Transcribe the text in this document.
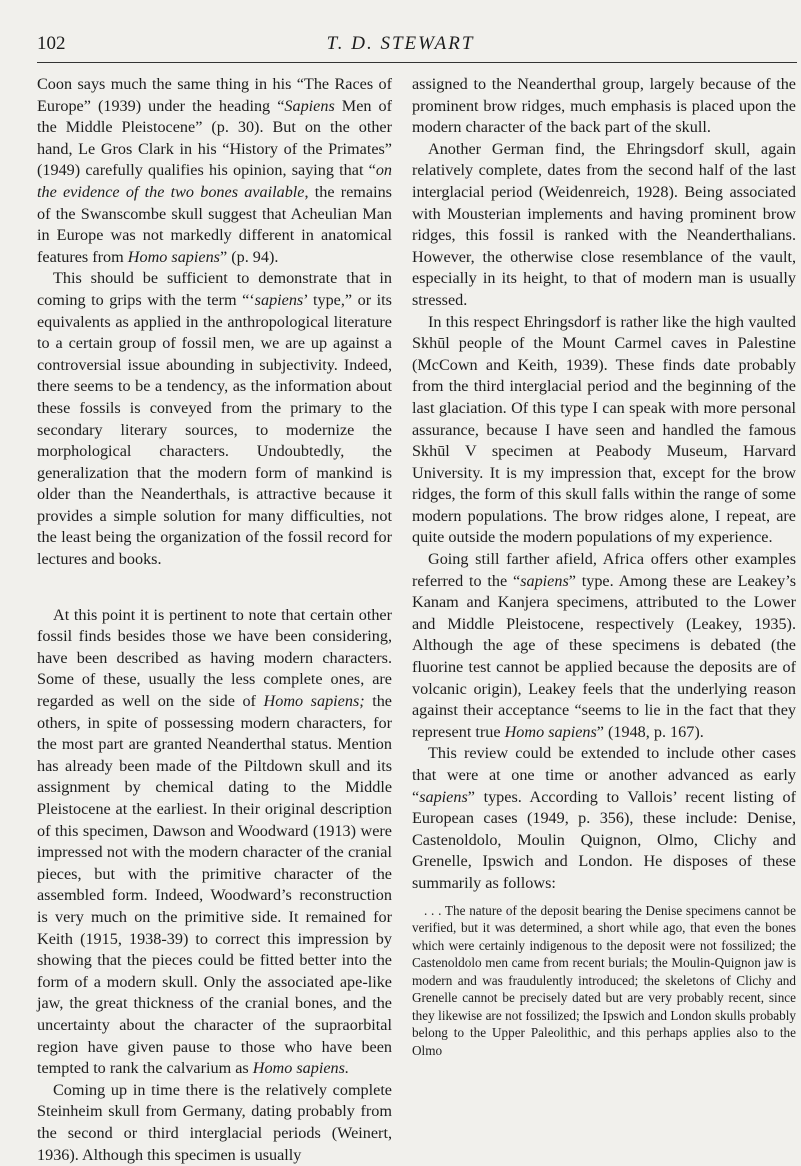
102	T. D. STEWART

Coon says much the same thing in his “The Races of Europe” (1939) under the heading “Sapiens Men of the Middle Pleistocene” (p. 30). But on the other hand, Le Gros Clark in his “History of the Primates” (1949) carefully qualifies his opinion, saying that “on the evidence of the two bones available, the remains of the Swanscombe skull suggest that Acheulian Man in Europe was not markedly different in anatomical features from Homo sapiens” (p. 94).

This should be sufficient to demonstrate that in coming to grips with the term “‘sapiens’ type,” or its equivalents as applied in the anthropological literature to a certain group of fossil men, we are up against a controversial issue abounding in subjectivity. Indeed, there seems to be a tendency, as the information about these fossils is conveyed from the primary to the secondary literary sources, to modernize the morphological characters. Undoubtedly, the generalization that the modern form of mankind is older than the Neanderthals, is attractive because it provides a simple solution for many difficulties, not the least being the organization of the fossil record for lectures and books.

At this point it is pertinent to note that certain other fossil finds besides those we have been considering, have been described as having modern characters. Some of these, usually the less complete ones, are regarded as well on the side of Homo sapiens; the others, in spite of possessing modern characters, for the most part are granted Neanderthal status. Mention has already been made of the Piltdown skull and its assignment by chemical dating to the Middle Pleistocene at the earliest. In their original description of this specimen, Dawson and Woodward (1913) were impressed not with the modern character of the cranial pieces, but with the primitive character of the assembled form. Indeed, Woodward’s reconstruction is very much on the primitive side. It remained for Keith (1915, 1938-39) to correct this impression by showing that the pieces could be fitted better into the form of a modern skull. Only the associated ape-like jaw, the great thickness of the cranial bones, and the uncertainty about the character of the supraorbital region have given pause to those who have been tempted to rank the calvarium as Homo sapiens.

Coming up in time there is the relatively complete Steinheim skull from Germany, dating probably from the second or third interglacial periods (Weinert, 1936). Although this specimen is usually

assigned to the Neanderthal group, largely because of the prominent brow ridges, much emphasis is placed upon the modern character of the back part of the skull.

Another German find, the Ehringsdorf skull, again relatively complete, dates from the second half of the last interglacial period (Weidenreich, 1928). Being associated with Mousterian implements and having prominent brow ridges, this fossil is ranked with the Neanderthalians. However, the otherwise close resemblance of the vault, especially in its height, to that of modern man is usually stressed.

In this respect Ehringsdorf is rather like the high vaulted Skhūl people of the Mount Carmel caves in Palestine (McCown and Keith, 1939). These finds date probably from the third interglacial period and the beginning of the last glaciation. Of this type I can speak with more personal assurance, because I have seen and handled the famous Skhūl V specimen at Peabody Museum, Harvard University. It is my impression that, except for the brow ridges, the form of this skull falls within the range of some modern populations. The brow ridges alone, I repeat, are quite outside the modern populations of my experience.

Going still farther afield, Africa offers other examples referred to the “sapiens” type. Among these are Leakey’s Kanam and Kanjera specimens, attributed to the Lower and Middle Pleistocene, respectively (Leakey, 1935). Although the age of these specimens is debated (the fluorine test cannot be applied because the deposits are of volcanic origin), Leakey feels that the underlying reason against their acceptance “seems to lie in the fact that they represent true Homo sapiens” (1948, p. 167).

This review could be extended to include other cases that were at one time or another advanced as early “sapiens” types. According to Vallois’ recent listing of European cases (1949, p. 356), these include: Denise, Castenoldolo, Moulin Quignon, Olmo, Clichy and Grenelle, Ipswich and London. He disposes of these summarily as follows:

. . . The nature of the deposit bearing the Denise specimens cannot be verified, but it was determined, a short while ago, that even the bones which were certainly indigenous to the deposit were not fossilized; the Castenoldolo men came from recent burials; the Moulin-Quignon jaw is modern and was fraudulently introduced; the skeletons of Clichy and Grenelle cannot be precisely dated but are very probably recent, since they likewise are not fossilized; the Ipswich and London skulls probably belong to the Upper Paleolithic, and this perhaps applies also to the Olmo
